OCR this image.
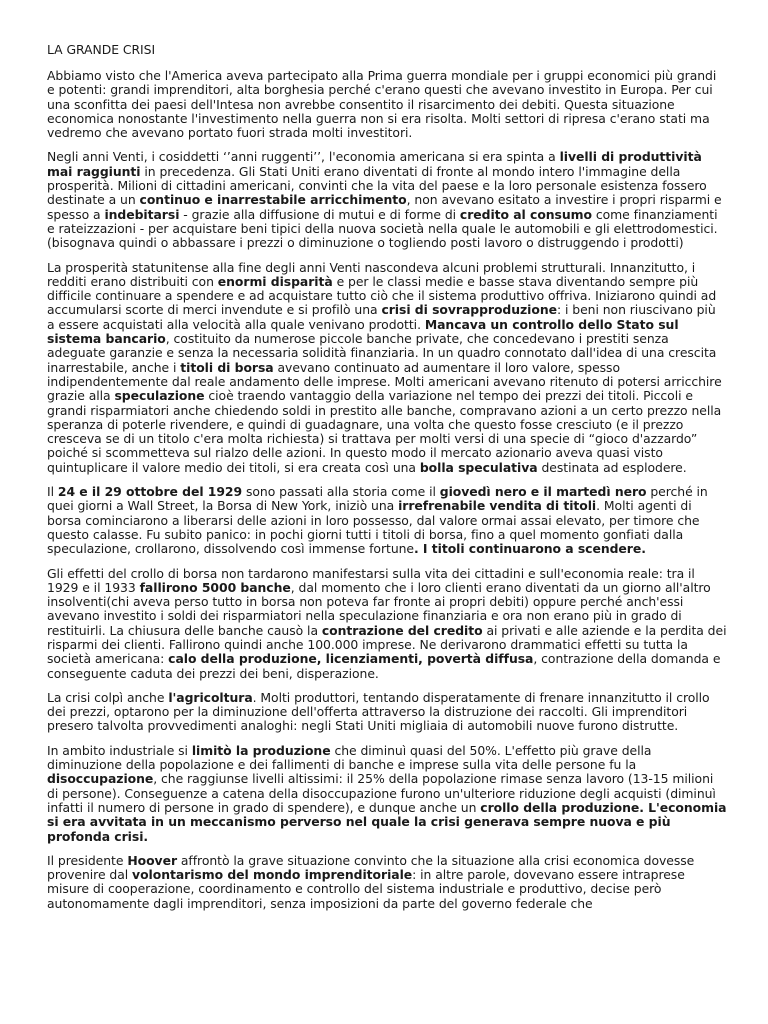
LA GRANDE CRISI

Abbiamo visto che l'America aveva partecipato alla Prima guerra mondiale per i gruppi economici più grandi e potenti: grandi imprenditori, alta borghesia perché c'erano questi che avevano investito in Europa. Per cui una sconfitta dei paesi dell'Intesa non avrebbe consentito il risarcimento dei debiti. Questa situazione economica nonostante l'investimento nella guerra non si era risolta. Molti settori di ripresa c'erano stati ma vedremo che avevano portato fuori strada molti investitori.

Negli anni Venti, i cosiddetti ‘’anni ruggenti’’, l'economia americana si era spinta a livelli di produttività mai raggiunti in precedenza. Gli Stati Uniti erano diventati di fronte al mondo intero l'immagine della prosperità. Milioni di cittadini americani, convinti che la vita del paese e la loro personale esistenza fossero destinate a un continuo e inarrestabile arricchimento, non avevano esitato a investire i propri risparmi e spesso a indebitarsi - grazie alla diffusione di mutui e di forme di credito al consumo come finanziamenti e rateizzazioni - per acquistare beni tipici della nuova società nella quale le automobili e gli elettrodomestici. (bisognava quindi o abbassare i prezzi o diminuzione o togliendo posti lavoro o distruggendo i prodotti)

La prosperità statunitense alla fine degli anni Venti nascondeva alcuni problemi strutturali. Innanzitutto, i redditi erano distribuiti con enormi disparità e per le classi medie e basse stava diventando sempre più difficile continuare a spendere e ad acquistare tutto ciò che il sistema produttivo offriva. Iniziarono quindi ad accumularsi scorte di merci invendute e si profilò una crisi di sovrapproduzione: i beni non riuscivano più a essere acquistati alla velocità alla quale venivano prodotti. Mancava un controllo dello Stato sul sistema bancario, costituito da numerose piccole banche private, che concedevano i prestiti senza adeguate garanzie e senza la necessaria solidità finanziaria. In un quadro connotato dall'idea di una crescita inarrestabile, anche i titoli di borsa avevano continuato ad aumentare il loro valore, spesso indipendentemente dal reale andamento delle imprese. Molti americani avevano ritenuto di potersi arricchire grazie alla speculazione cioè traendo vantaggio della variazione nel tempo dei prezzi dei titoli. Piccoli e grandi risparmiatori anche chiedendo soldi in prestito alle banche, compravano azioni a un certo prezzo nella speranza di poterle rivendere, e quindi di guadagnare, una volta che questo fosse cresciuto (e il prezzo cresceva se di un titolo c'era molta richiesta) si trattava per molti versi di una specie di “gioco d'azzardo” poiché si scommetteva sul rialzo delle azioni. In questo modo il mercato azionario aveva quasi visto quintuplicare il valore medio dei titoli, si era creata così una bolla speculativa destinata ad esplodere.

Il 24 e il 29 ottobre del 1929 sono passati alla storia come il giovedì nero e il martedì nero perché in quei giorni a Wall Street, la Borsa di New York, iniziò una irrefrenabile vendita di titoli. Molti agenti di borsa cominciarono a liberarsi delle azioni in loro possesso, dal valore ormai assai elevato, per timore che questo calasse. Fu subito panico: in pochi giorni tutti i titoli di borsa, fino a quel momento gonfiati dalla speculazione, crollarono, dissolvendo così immense fortune. I titoli continuarono a scendere.

Gli effetti del crollo di borsa non tardarono manifestarsi sulla vita dei cittadini e sull'economia reale: tra il 1929 e il 1933 fallirono 5000 banche, dal momento che i loro clienti erano diventati da un giorno all'altro insolventi(chi aveva perso tutto in borsa non poteva far fronte ai propri debiti) oppure perché anch'essi avevano investito i soldi dei risparmiatori nella speculazione finanziaria e ora non erano più in grado di restituirli. La chiusura delle banche causò la contrazione del credito ai privati e alle aziende e la perdita dei risparmi dei clienti. Fallirono quindi anche 100.000 imprese. Ne derivarono drammatici effetti su tutta la società americana: calo della produzione, licenziamenti, povertà diffusa, contrazione della domanda e conseguente caduta dei prezzi dei beni, disperazione.

La crisi colpì anche l'agricoltura. Molti produttori, tentando disperatamente di frenare innanzitutto il crollo dei prezzi, optarono per la diminuzione dell'offerta attraverso la distruzione dei raccolti. Gli imprenditori presero talvolta provvedimenti analoghi: negli Stati Uniti migliaia di automobili nuove furono distrutte.

In ambito industriale si limitò la produzione che diminuì quasi del 50%. L'effetto più grave della diminuzione della popolazione e dei fallimenti di banche e imprese sulla vita delle persone fu la disoccupazione, che raggiunse livelli altissimi: il 25% della popolazione rimase senza lavoro (13-15 milioni di persone). Conseguenze a catena della disoccupazione furono un'ulteriore riduzione degli acquisti (diminuì infatti il numero di persone in grado di spendere), e dunque anche un crollo della produzione. L'economia si era avvitata in un meccanismo perverso nel quale la crisi generava sempre nuova e più profonda crisi.

Il presidente Hoover affrontò la grave situazione convinto che la situazione alla crisi economica dovesse provenire dal volontarismo del mondo imprenditoriale: in altre parole, dovevano essere intraprese misure di cooperazione, coordinamento e controllo del sistema industriale e produttivo, decise però autonomamente dagli imprenditori, senza imposizioni da parte del governo federale che
